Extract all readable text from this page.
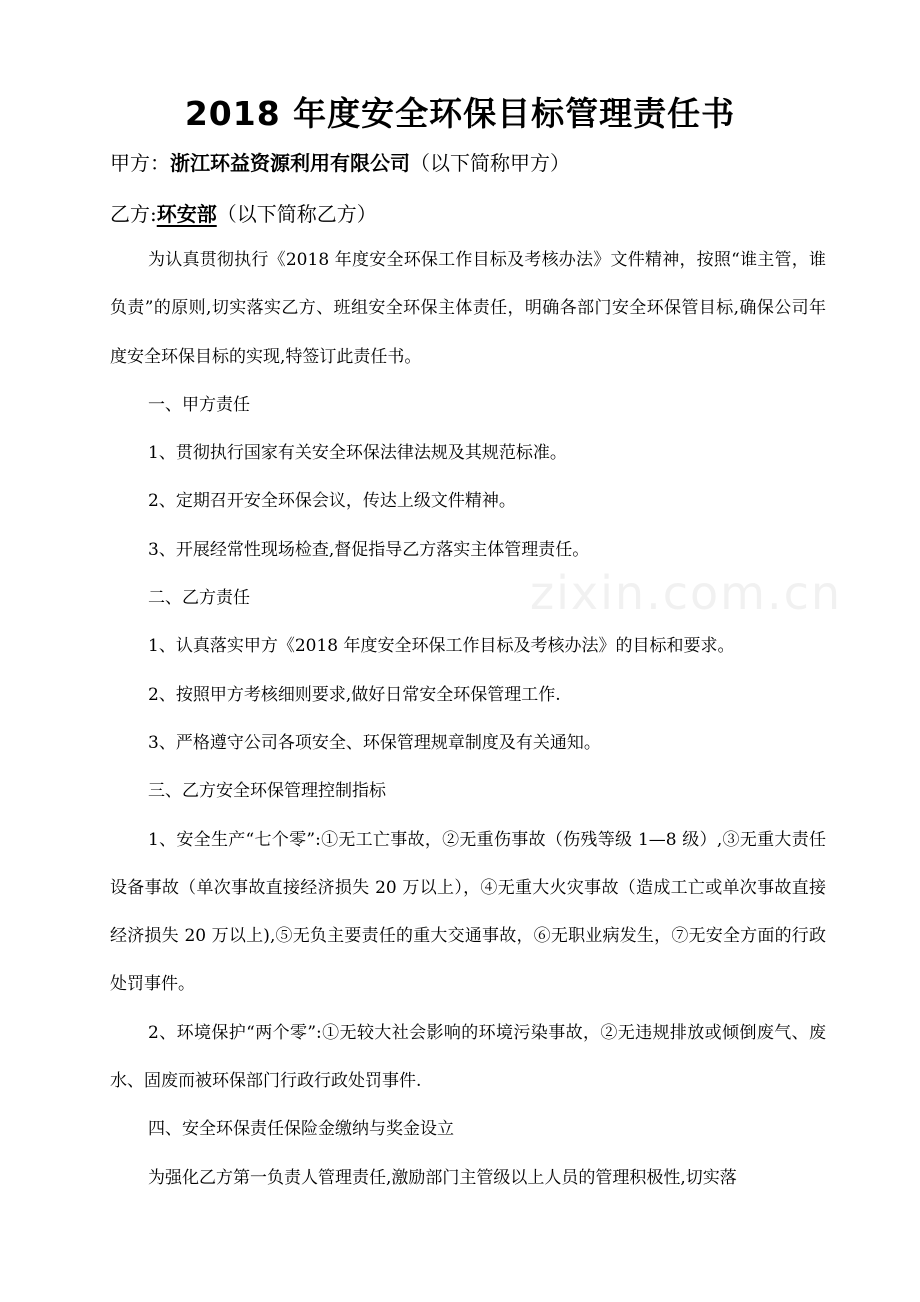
2018 年度安全环保目标管理责任书
甲方：浙江环益资源利用有限公司（以下简称甲方）
乙方:环安部（以下简称乙方）

为认真贯彻执行《2018 年度安全环保工作目标及考核办法》文件精神，按照“谁主管，谁负责”的原则,切实落实乙方、班组安全环保主体责任，明确各部门安全环保管目标,确保公司年度安全环保目标的实现,特签订此责任书。

一、甲方责任

1、贯彻执行国家有关安全环保法律法规及其规范标准。

2、定期召开安全环保会议，传达上级文件精神。

3、开展经常性现场检查,督促指导乙方落实主体管理责任。

二、乙方责任

1、认真落实甲方《2018 年度安全环保工作目标及考核办法》的目标和要求。

2、按照甲方考核细则要求,做好日常安全环保管理工作.

3、严格遵守公司各项安全、环保管理规章制度及有关通知。

三、乙方安全环保管理控制指标

1、安全生产“七个零”:①无工亡事故，②无重伤事故（伤残等级 1—8 级）,③无重大责任设备事故（单次事故直接经济损失 20 万以上），④无重大火灾事故（造成工亡或单次事故直接经济损失 20 万以上),⑤无负主要责任的重大交通事故，⑥无职业病发生，⑦无安全方面的行政处罚事件。

2、环境保护“两个零”:①无较大社会影响的环境污染事故，②无违规排放或倾倒废气、废水、固废而被环保部门行政行政处罚事件.

四、安全环保责任保险金缴纳与奖金设立

为强化乙方第一负责人管理责任,激励部门主管级以上人员的管理积极性,切实落

zixin.com.cn
